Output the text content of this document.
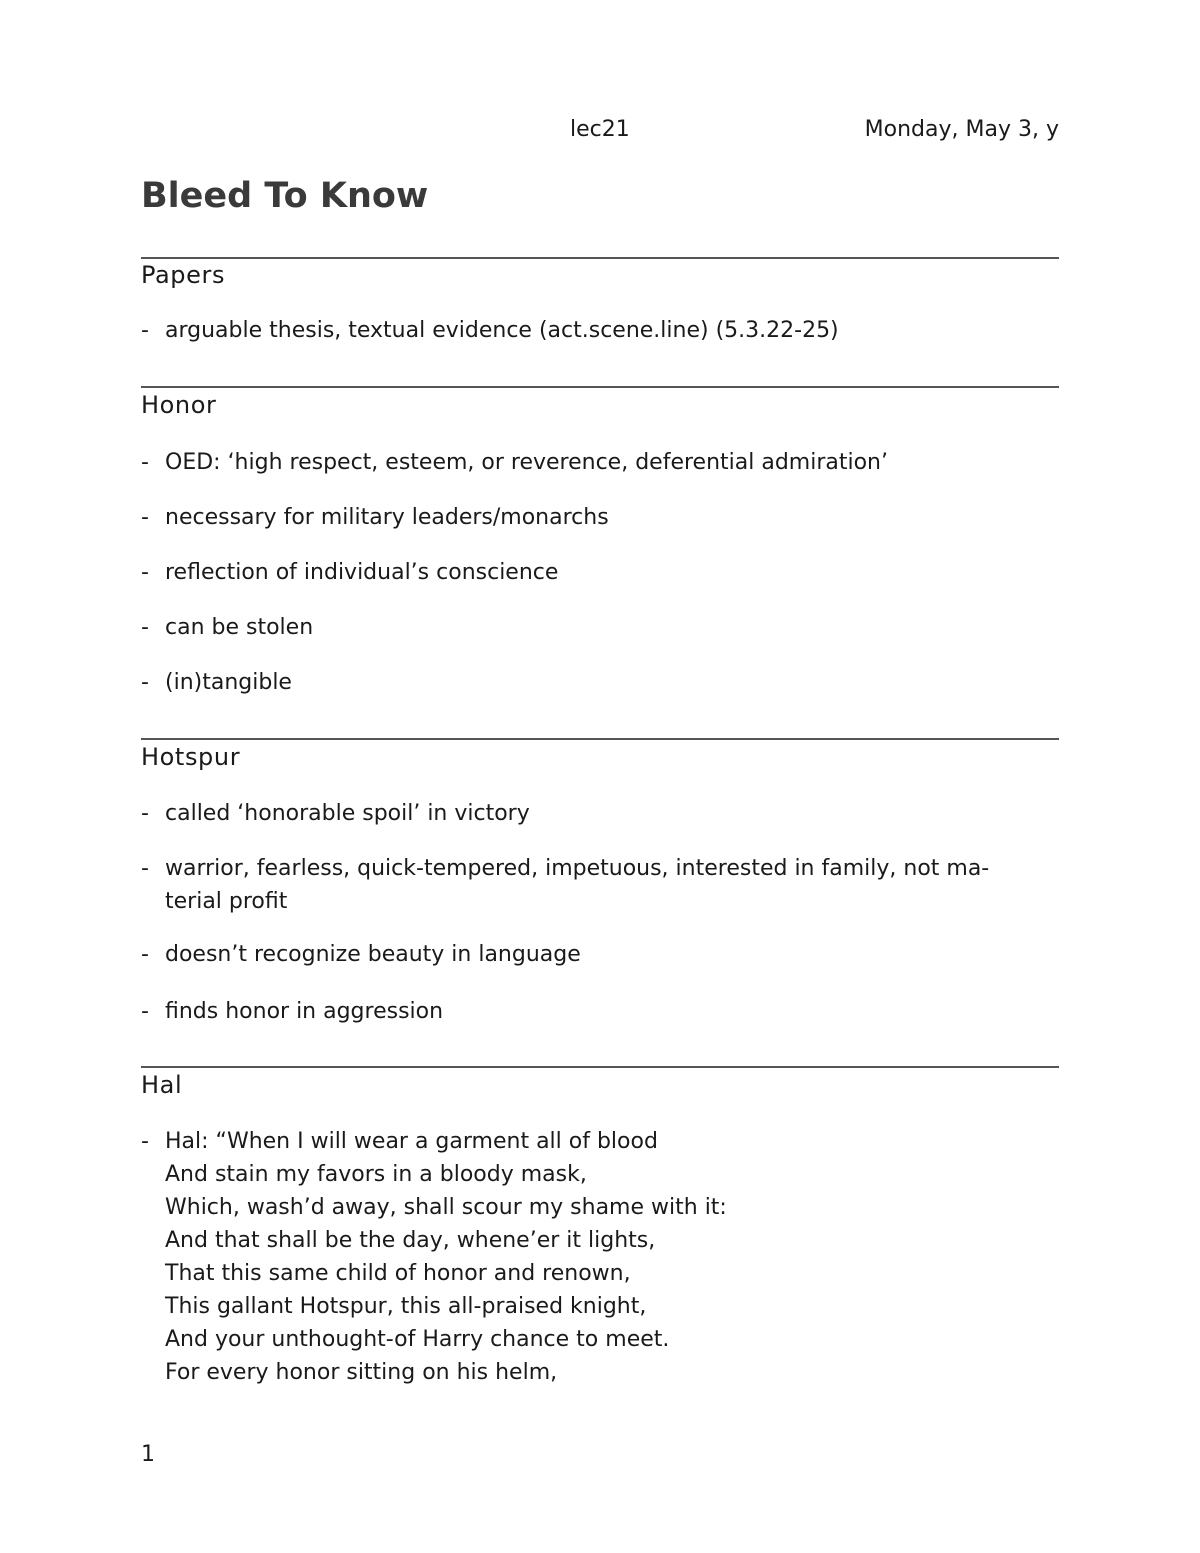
lec21	Monday, May 3, y
Bleed To Know
Papers
- arguable thesis, textual evidence (act.scene.line) (5.3.22-25)
Honor
- OED: ‘high respect, esteem, or reverence, deferential admiration’
- necessary for military leaders/monarchs
- reflection of individual’s conscience
- can be stolen
- (in)tangible
Hotspur
- called ‘honorable spoil’ in victory
- warrior, fearless, quick-tempered, impetuous, interested in family, not ma-
terial profit
- doesn’t recognize beauty in language
- finds honor in aggression
Hal
- Hal: “When I will wear a garment all of blood
And stain my favors in a bloody mask,
Which, wash’d away, shall scour my shame with it:
And that shall be the day, whene’er it lights,
That this same child of honor and renown,
This gallant Hotspur, this all-praised knight,
And your unthought-of Harry chance to meet.
For every honor sitting on his helm,
1
